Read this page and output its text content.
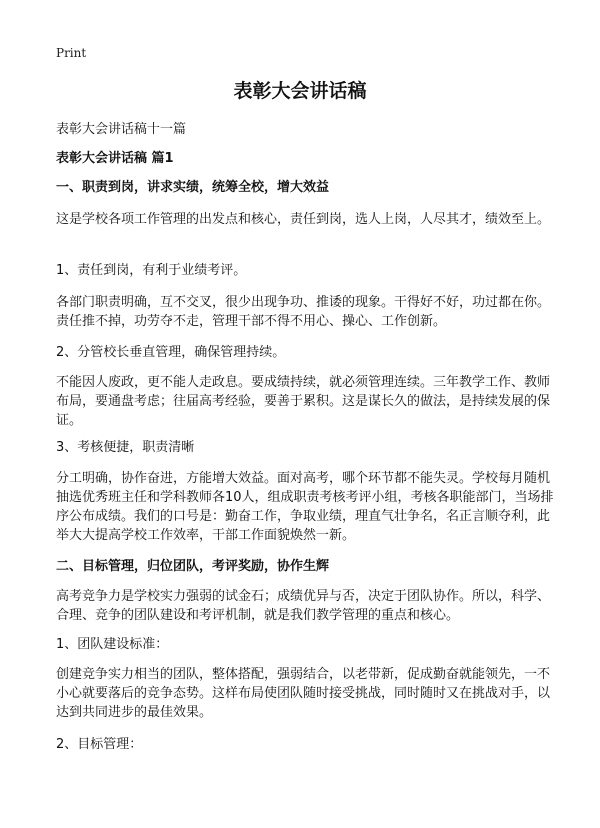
Print
表彰大会讲话稿

表彰大会讲话稿十一篇

表彰大会讲话稿 篇1

一、职责到岗，讲求实绩，统筹全校，增大效益

这是学校各项工作管理的出发点和核心，责任到岗，选人上岗，人尽其才，绩效至上。

1、责任到岗，有利于业绩考评。

各部门职责明确，互不交叉，很少出现争功、推诿的现象。干得好不好，功过都在你。责任推不掉，功劳夺不走，管理干部不得不用心、操心、工作创新。

2、分管校长垂直管理，确保管理持续。

不能因人废政，更不能人走政息。要成绩持续，就必须管理连续。三年教学工作、教师布局，要通盘考虑；往届高考经验，要善于累积。这是谋长久的做法，是持续发展的保证。

3、考核便捷，职责清晰

分工明确，协作奋进，方能增大效益。面对高考，哪个环节都不能失灵。学校每月随机抽选优秀班主任和学科教师各10人，组成职责考核考评小组，考核各职能部门，当场排序公布成绩。我们的口号是：勤奋工作，争取业绩，理直气壮争名，名正言顺夺利，此举大大提高学校工作效率，干部工作面貌焕然一新。

二、目标管理，归位团队，考评奖励，协作生辉

高考竞争力是学校实力强弱的试金石；成绩优异与否，决定于团队协作。所以，科学、合理、竞争的团队建设和考评机制，就是我们教学管理的重点和核心。

1、团队建设标准：

创建竞争实力相当的团队，整体搭配，强弱结合，以老带新，促成勤奋就能领先，一不小心就要落后的竞争态势。这样布局使团队随时接受挑战，同时随时又在挑战对手，以达到共同进步的最佳效果。

2、目标管理：
